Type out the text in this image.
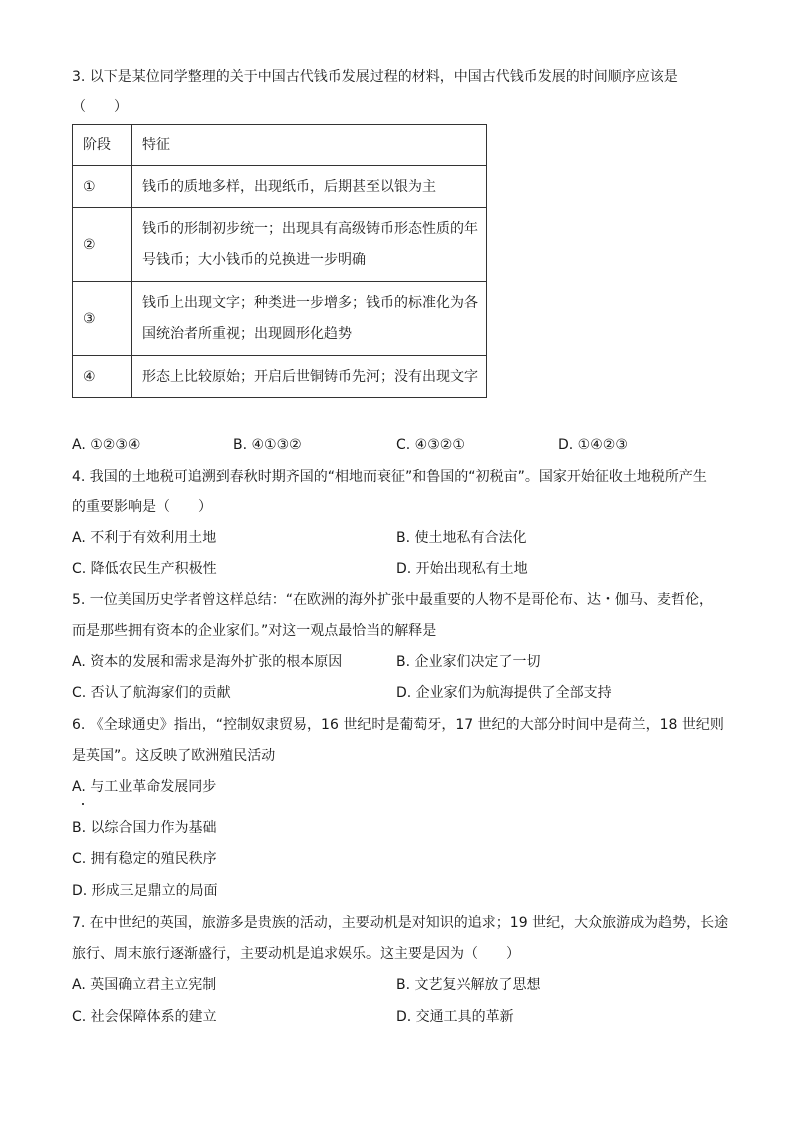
3. 以下是某位同学整理的关于中国古代钱币发展过程的材料，中国古代钱币发展的时间顺序应该是
（　　）
阶段	特征
①	钱币的质地多样，出现纸币，后期甚至以银为主

②	钱币的形制初步统一；出现具有高级铸币形态性质的年
号钱币；大小钱币的兑换进一步明确

③	钱币上出现文字；种类进一步增多；钱币的标准化为各
国统治者所重视；出现圆形化趋势

④	形态上比较原始；开启后世铜铸币先河；没有出现文字
A. ①②③④	B. ④①③②	C. ④③②①	D. ①④②③
4. 我国的土地税可追溯到春秋时期齐国的“相地而衰征”和鲁国的“初税亩”。国家开始征收土地税所产生
的重要影响是（　　）
A. 不利于有效利用土地	B. 使土地私有合法化
C. 降低农民生产积极性	D. 开始出现私有土地
5. 一位美国历史学者曾这样总结：“在欧洲的海外扩张中最重要的人物不是哥伦布、达・伽马、麦哲伦，
而是那些拥有资本的企业家们。”对这一观点最恰当的解释是
A. 资本的发展和需求是海外扩张的根本原因	B. 企业家们决定了一切
C. 否认了航海家们的贡献	D. 企业家们为航海提供了全部支持
6. 《全球通史》指出，“控制奴隶贸易，16 世纪时是葡萄牙，17 世纪的大部分时间中是荷兰，18 世纪则
是英国”。这反映了欧洲殖民活动
A. 与工业革命发展同步
B. 以综合国力作为基础
C. 拥有稳定的殖民秩序
D. 形成三足鼎立的局面
7. 在中世纪的英国，旅游多是贵族的活动，主要动机是对知识的追求；19 世纪，大众旅游成为趋势，长途
旅行、周末旅行逐渐盛行，主要动机是追求娱乐。这主要是因为（　　）
A. 英国确立君主立宪制	B. 文艺复兴解放了思想
C. 社会保障体系的建立	D. 交通工具的革新
